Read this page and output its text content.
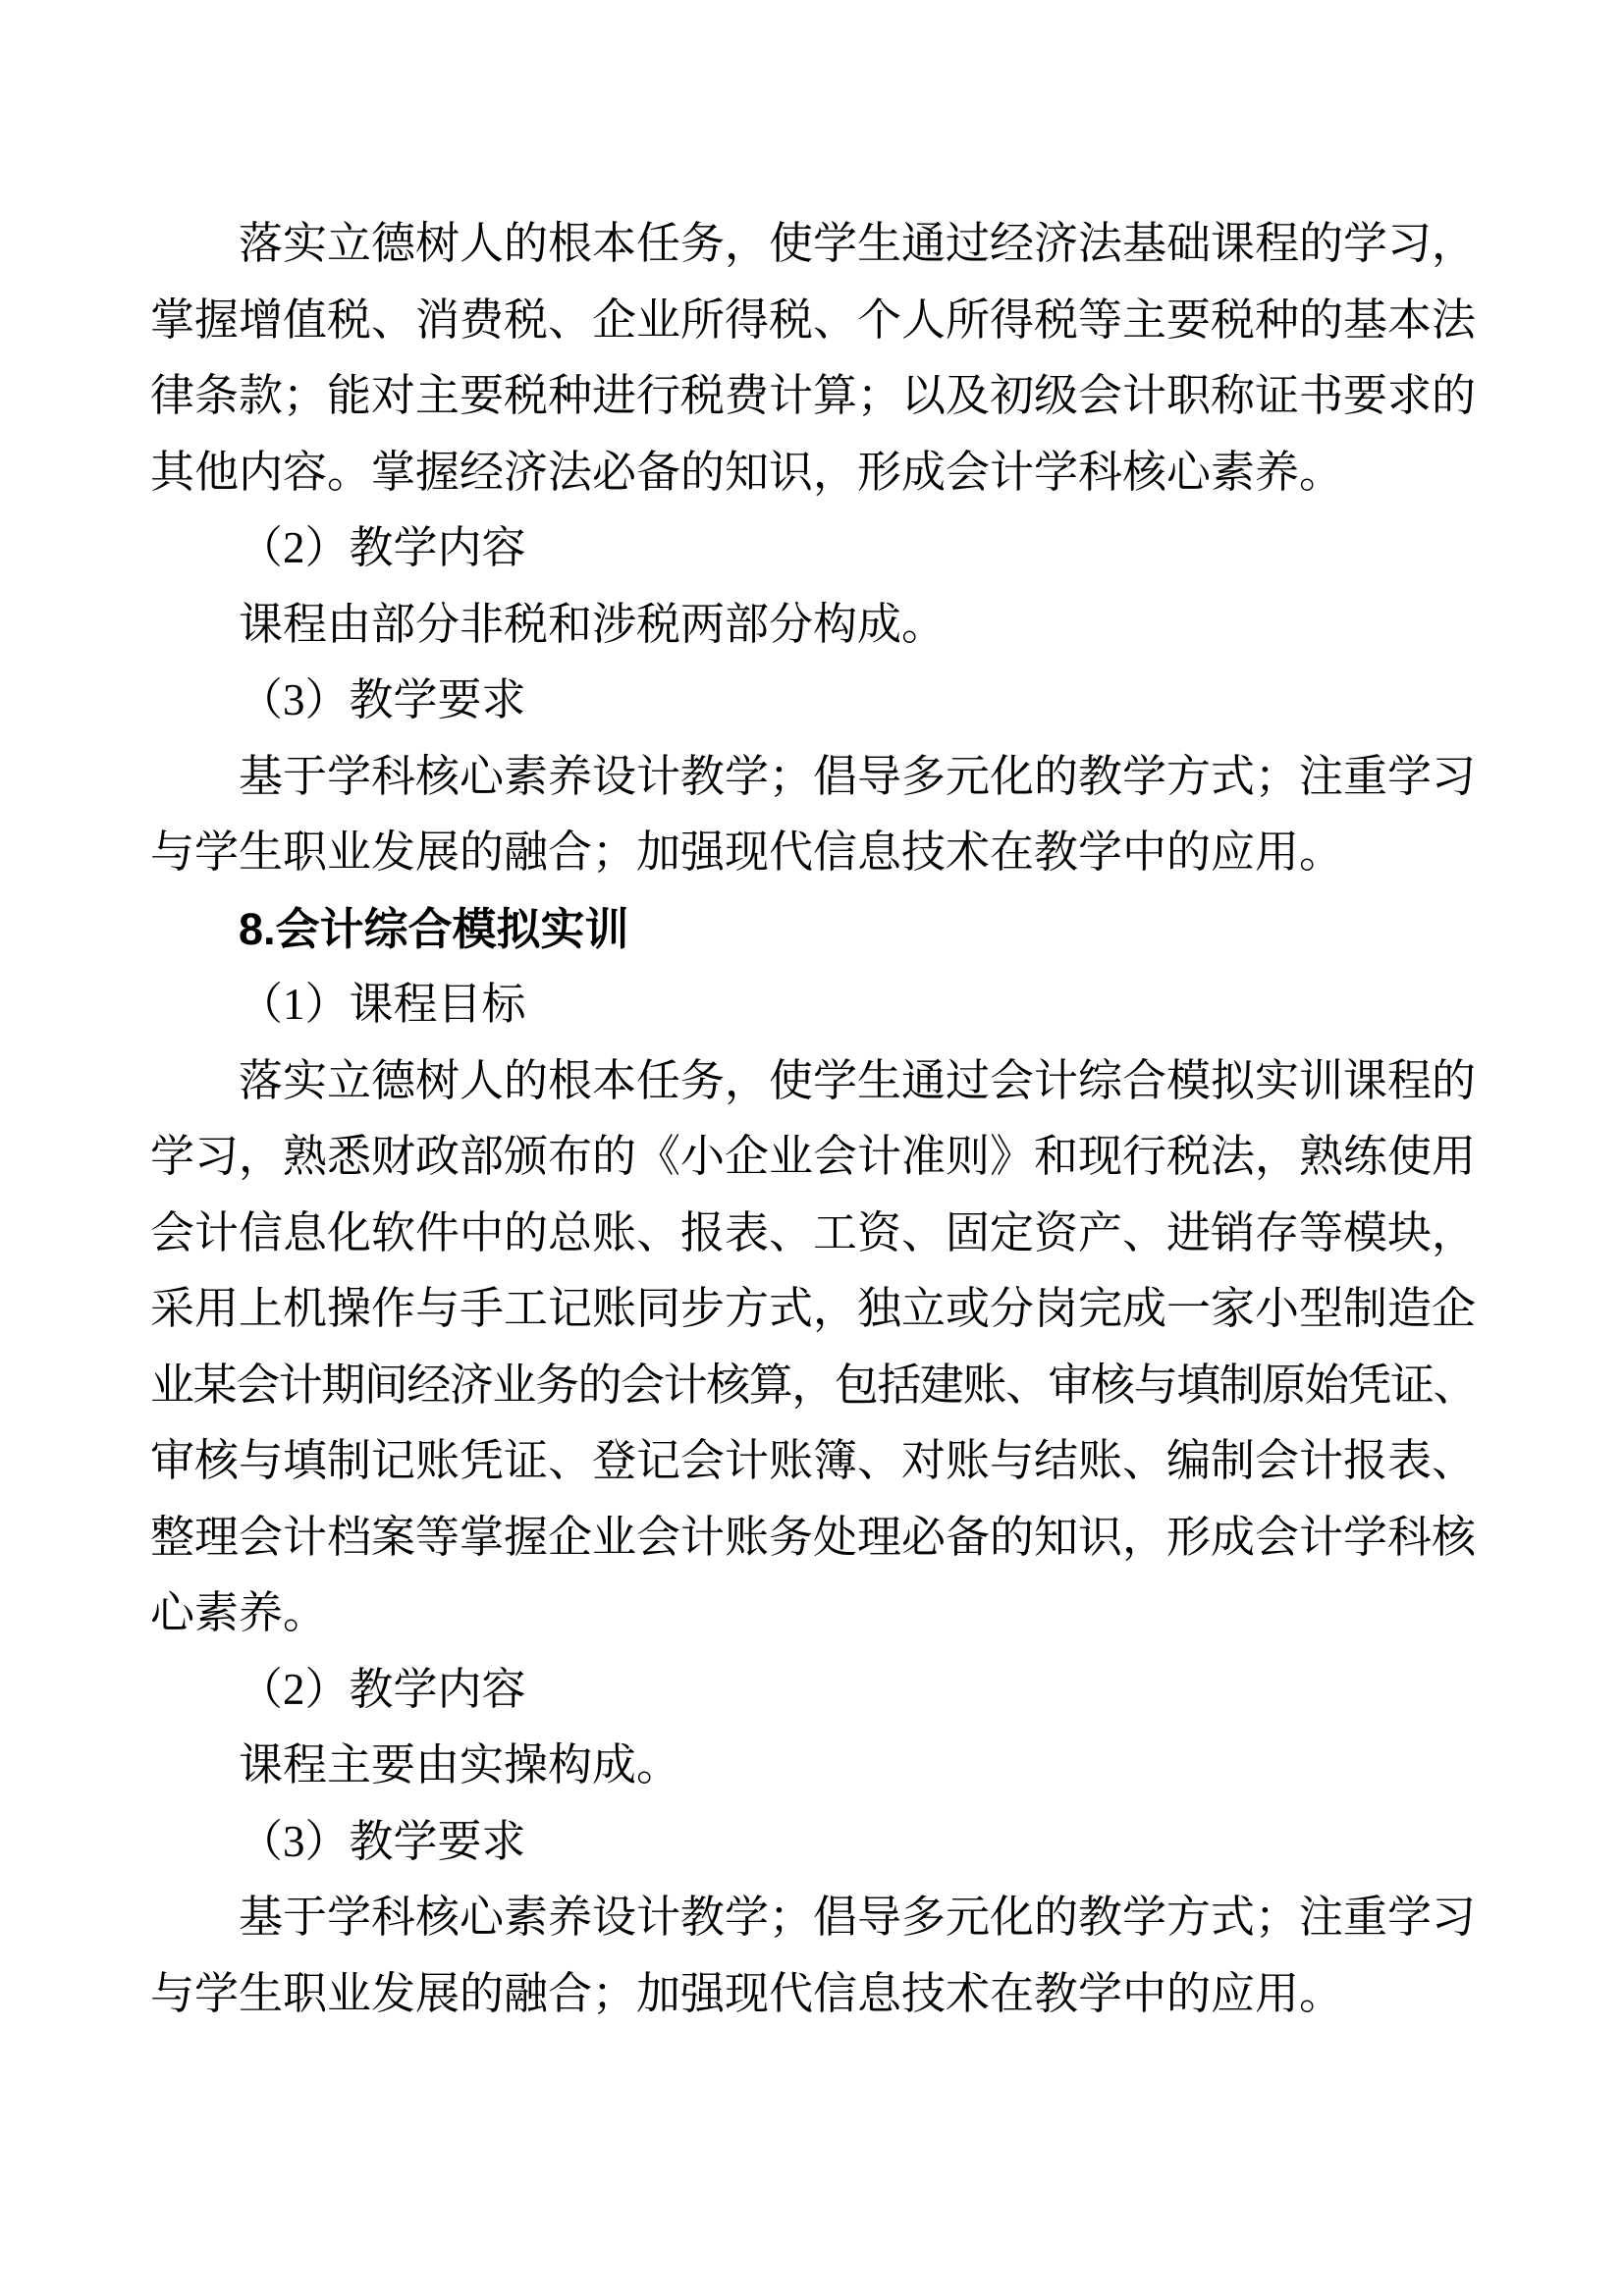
落实立德树人的根本任务，使学生通过经济法基础课程的学习，
掌握增值税、消费税、企业所得税、个人所得税等主要税种的基本法
律条款；能对主要税种进行税费计算；以及初级会计职称证书要求的
其他内容。掌握经济法必备的知识，形成会计学科核心素养。
（2）教学内容
课程由部分非税和涉税两部分构成。
（3）教学要求
基于学科核心素养设计教学；倡导多元化的教学方式；注重学习
与学生职业发展的融合；加强现代信息技术在教学中的应用。
8.会计综合模拟实训
（1）课程目标
落实立德树人的根本任务，使学生通过会计综合模拟实训课程的
学习，熟悉财政部颁布的《小企业会计准则》和现行税法，熟练使用
会计信息化软件中的总账、报表、工资、固定资产、进销存等模块，
采用上机操作与手工记账同步方式，独立或分岗完成一家小型制造企
业某会计期间经济业务的会计核算，包括建账、审核与填制原始凭证、
审核与填制记账凭证、登记会计账簿、对账与结账、编制会计报表、
整理会计档案等掌握企业会计账务处理必备的知识，形成会计学科核
心素养。
（2）教学内容
课程主要由实操构成。
（3）教学要求
基于学科核心素养设计教学；倡导多元化的教学方式；注重学习
与学生职业发展的融合；加强现代信息技术在教学中的应用。
